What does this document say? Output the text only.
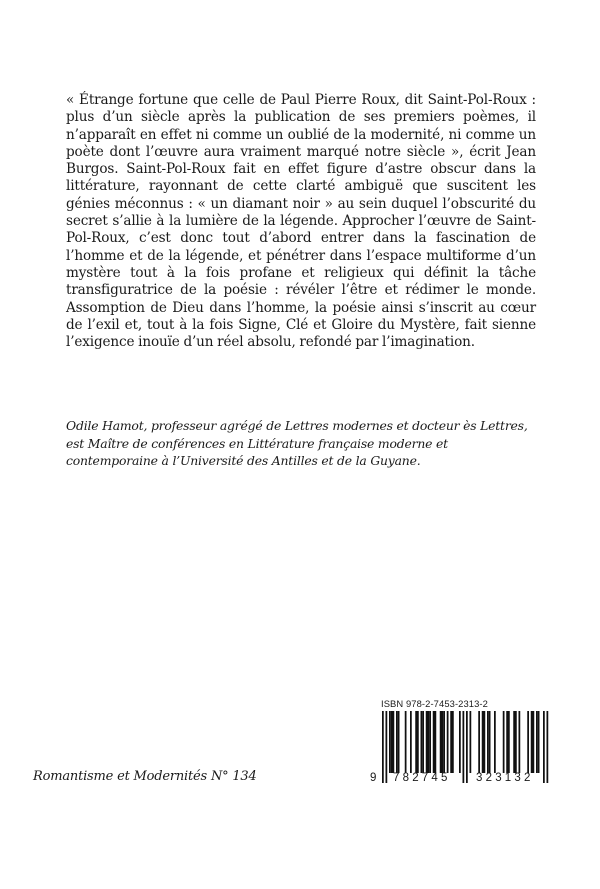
« Étrange fortune que celle de Paul Pierre Roux, dit Saint-Pol-Roux : plus d’un siècle après la publication de ses premiers poèmes, il n’apparaît en effet ni comme un oublié de la modernité, ni comme un poète dont l’œuvre aura vraiment marqué notre siècle », écrit Jean Burgos. Saint-Pol-Roux fait en effet figure d’astre obscur dans la littérature, rayonnant de cette clarté ambiguë que suscitent les génies méconnus : « un diamant noir » au sein duquel l’obscurité du secret s’allie à la lumière de la légende. Approcher l’œuvre de Saint-Pol-Roux, c’est donc tout d’abord entrer dans la fascination de l’homme et de la légende, et pénétrer dans l’espace multiforme d’un mystère tout à la fois profane et religieux qui définit la tâche transfiguratrice de la poésie : révéler l’être et rédimer le monde. Assomption de Dieu dans l’homme, la poésie ainsi s’inscrit au cœur de l’exil et, tout à la fois Signe, Clé et Gloire du Mystère, fait sienne l’exigence inouïe d’un réel absolu, refondé par l’imagination.

Odile Hamot, professeur agrégé de Lettres modernes et docteur ès Lettres, est Maître de conférences en Littérature française moderne et contemporaine à l’Université des Antilles et de la Guyane.

Romantisme et Modernités N° 134

ISBN 978-2-7453-2313-2
9 782745 323132
